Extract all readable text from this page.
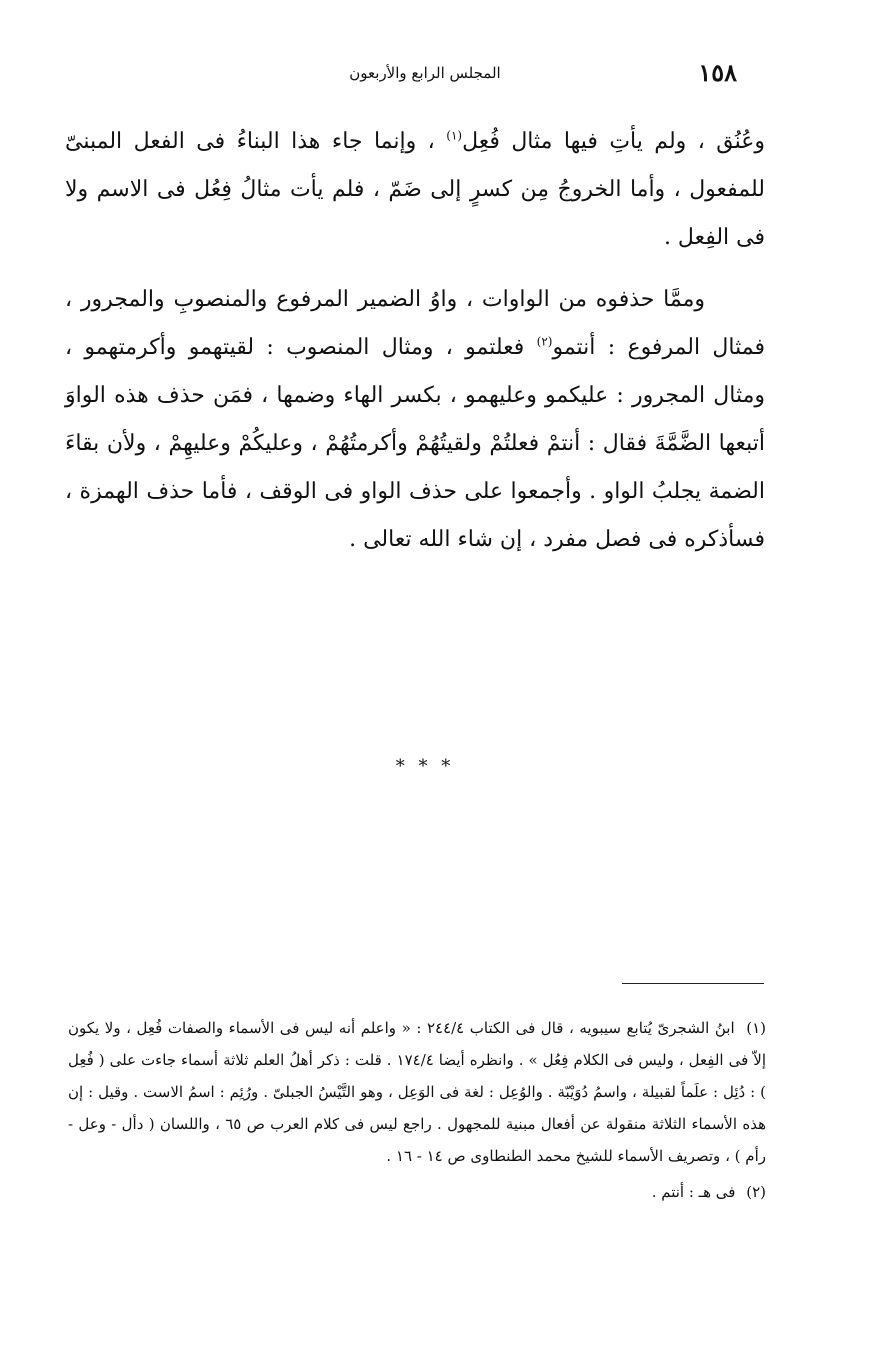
١٥٨
المجلس الرابع والأربعون

وعُنُق ، ولم يأتِ فيها مثال فُعِل$^{(١)}$ ، وإنما جاء هذا البناءُ فى الفعل المبنىّ للمفعول ، وأما الخروجُ مِن كسرٍ إلى ضَمّ ، فلم يأت مثالُ فِعُل فى الاسم ولا فى الفِعل .

وممَّا حذفوه من الواوات ، واوُ الضمير المرفوع والمنصوبِ والمجرور ، فمثال المرفوع : أنتمو$^{(٢)}$ فعلتمو ، ومثال المنصوب : لقيتهمو وأكرمتهمو ، ومثال المجرور : عليكمو وعليهمو ، بكسر الهاء وضمها ، فمَن حذف هذه الواوَ أتبعها الضَّمَّةَ فقال : أنتمْ فعلتُمْ ولقيتُهُمْ وأكرمتُهُمْ ، وعليكُمْ وعليهِمْ ، ولأن بقاءَ الضمة يجلبُ الواو . وأجمعوا على حذف الواو فى الوقف ، فأما حذف الهمزة ، فسأذكره فى فصل مفرد ، إن شاء الله تعالى .

* * *

(١) ابنُ الشجرىّ يُتابع سيبويه ، قال فى الكتاب ٢٤٤/٤ : « واعلم أنه ليس فى الأسماء والصفات فُعِل ، ولا يكون إلاّ فى الفِعل ، وليس فى الكلام فِعُل » . وانظره أيضا ١٧٤/٤ . قلت : ذكر أهلُ العلم ثلاثة أسماء جاءت على ( فُعِل ) : دُئِل : علَماً لقبيلة ، واسمُ دُوَيْبّة . والوُعِل : لغة فى الوَعِل ، وهو التَّيْسُ الجبلىّ . ورُئِم : اسمُ الاست . وقيل : إن هذه الأسماء الثلاثة منقولة عن أفعال مبنية للمجهول . راجع ليس فى كلام العرب ص ٦٥ ، واللسان ( دأل - وعل - رأم ) ، وتصريف الأسماء للشيخ محمد الطنطاوى ص ١٤ - ١٦ .

(٢) فى هـ : أنتم .
